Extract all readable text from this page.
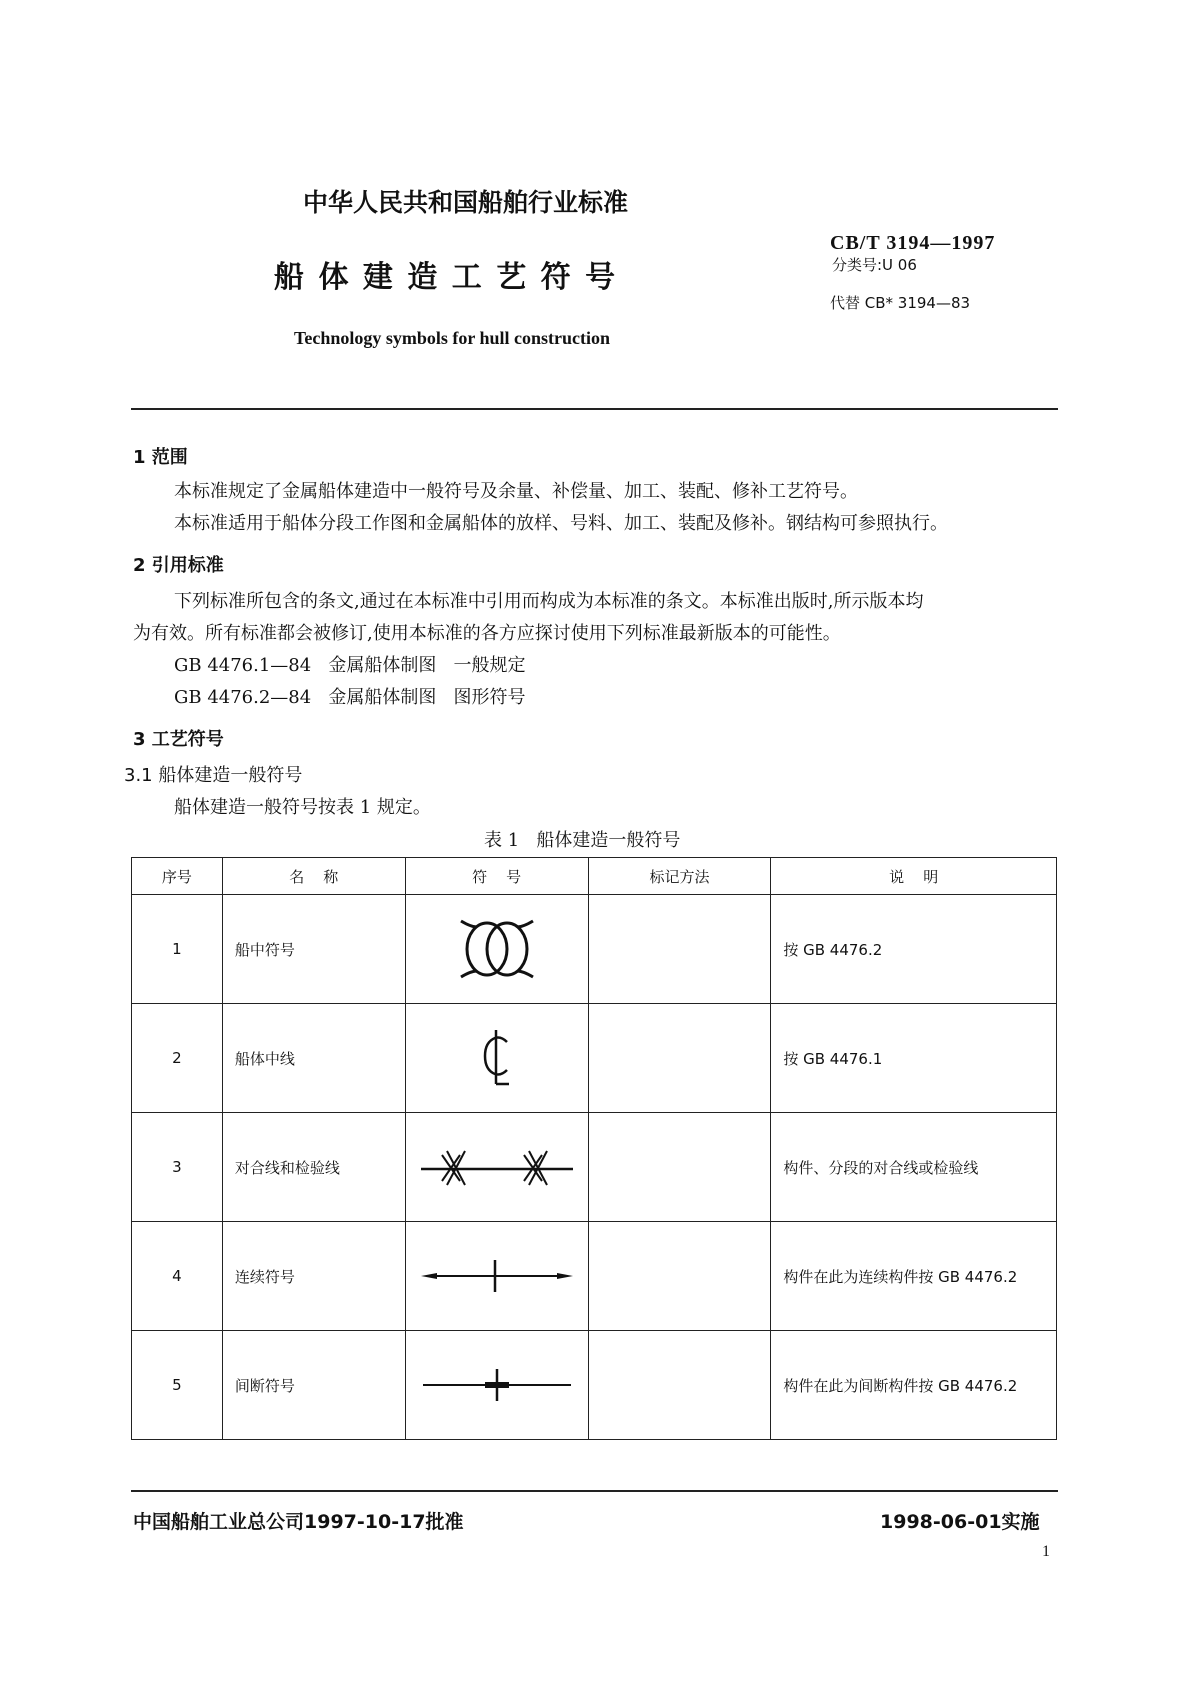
中华人民共和国船舶行业标准
船 体 建 造 工 艺 符 号
Technology symbols for hull construction
CB/T 3194—1997
分类号:U 06
代替 CB* 3194—83
1 范围
本标准规定了金属船体建造中一般符号及余量、补偿量、加工、装配、修补工艺符号。
本标准适用于船体分段工作图和金属船体的放样、号料、加工、装配及修补。钢结构可参照执行。
2 引用标准
下列标准所包含的条文,通过在本标准中引用而构成为本标准的条文。本标准出版时,所示版本均
为有效。所有标准都会被修订,使用本标准的各方应探讨使用下列标准最新版本的可能性。
GB 4476.1—84   金属船体制图   一般规定
GB 4476.2—84   金属船体制图   图形符号
3 工艺符号
3.1 船体建造一般符号
船体建造一般符号按表 1 规定。
表 1   船体建造一般符号
序号	名    称	符    号	标记方法	说    明
1	船中符号			按 GB 4476.2
2	船体中线			按 GB 4476.1
3	对合线和检验线			构件、分段的对合线或检验线
4	连续符号			构件在此为连续构件按 GB 4476.2
5	间断符号			构件在此为间断构件按 GB 4476.2
中国船舶工业总公司1997-10-17批准	1998-06-01实施
1
